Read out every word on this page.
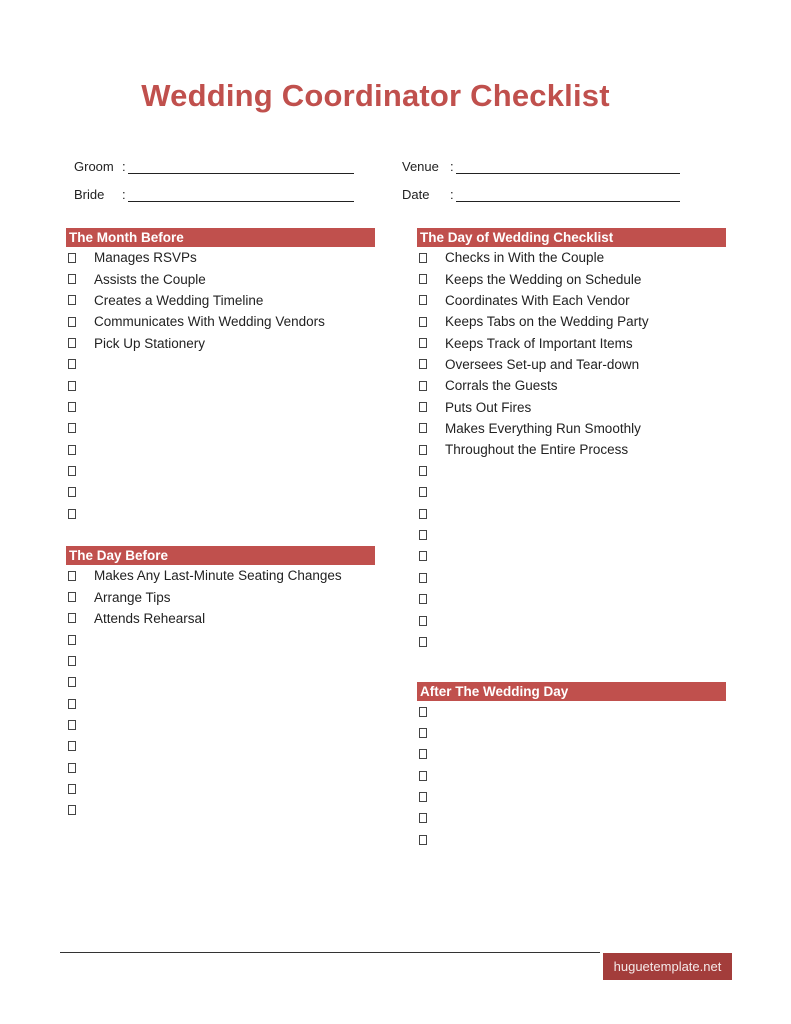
Wedding Coordinator Checklist
Groom :
Bride	:
Venue :
Date	:
The Month Before
Manages RSVPs
Assists the Couple
Creates a Wedding Timeline
Communicates With Wedding Vendors
Pick Up Stationery
The Day Before
Makes Any Last-Minute Seating Changes
Arrange Tips
Attends Rehearsal
The Day of Wedding Checklist
Checks in With the Couple
Keeps the Wedding on Schedule
Coordinates With Each Vendor
Keeps Tabs on the Wedding Party
Keeps Track of Important Items
Oversees Set-up and Tear-down
Corrals the Guests
Puts Out Fires
Makes Everything Run Smoothly
Throughout the Entire Process
After The Wedding Day
huguetemplate.net
